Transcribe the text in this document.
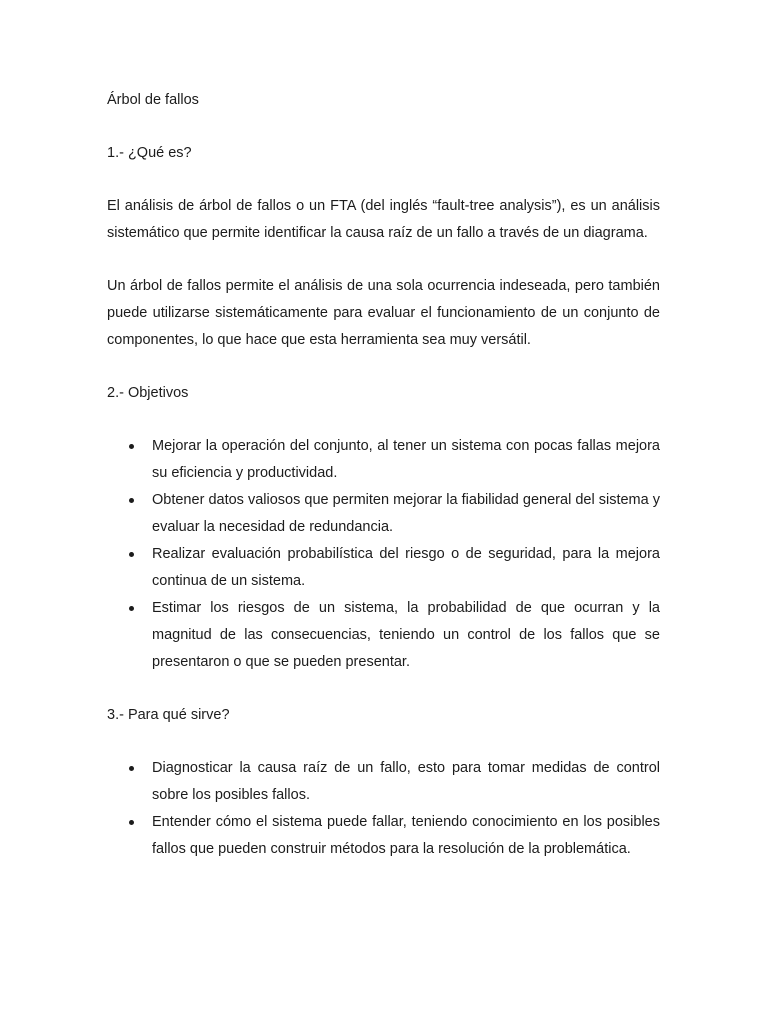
Árbol de fallos

1.- ¿Qué es?

El análisis de árbol de fallos o un FTA (del inglés “fault-tree analysis”), es un análisis sistemático que permite identificar la causa raíz de un fallo a través de un diagrama.

Un árbol de fallos permite el análisis de una sola ocurrencia indeseada, pero también puede utilizarse sistemáticamente para evaluar el funcionamiento de un conjunto de componentes, lo que hace que esta herramienta sea muy versátil.

2.- Objetivos

Mejorar la operación del conjunto, al tener un sistema con pocas fallas mejora su eficiencia y productividad.
Obtener datos valiosos que permiten mejorar la fiabilidad general del sistema y evaluar la necesidad de redundancia.
Realizar evaluación probabilística del riesgo o de seguridad, para la mejora continua de un sistema.
Estimar los riesgos de un sistema, la probabilidad de que ocurran y la magnitud de las consecuencias, teniendo un control de los fallos que se presentaron o que se pueden presentar.

3.- Para qué sirve?

Diagnosticar la causa raíz de un fallo, esto para tomar medidas de control sobre los posibles fallos.
Entender cómo el sistema puede fallar, teniendo conocimiento en los posibles fallos que pueden construir métodos para la resolución de la problemática.
